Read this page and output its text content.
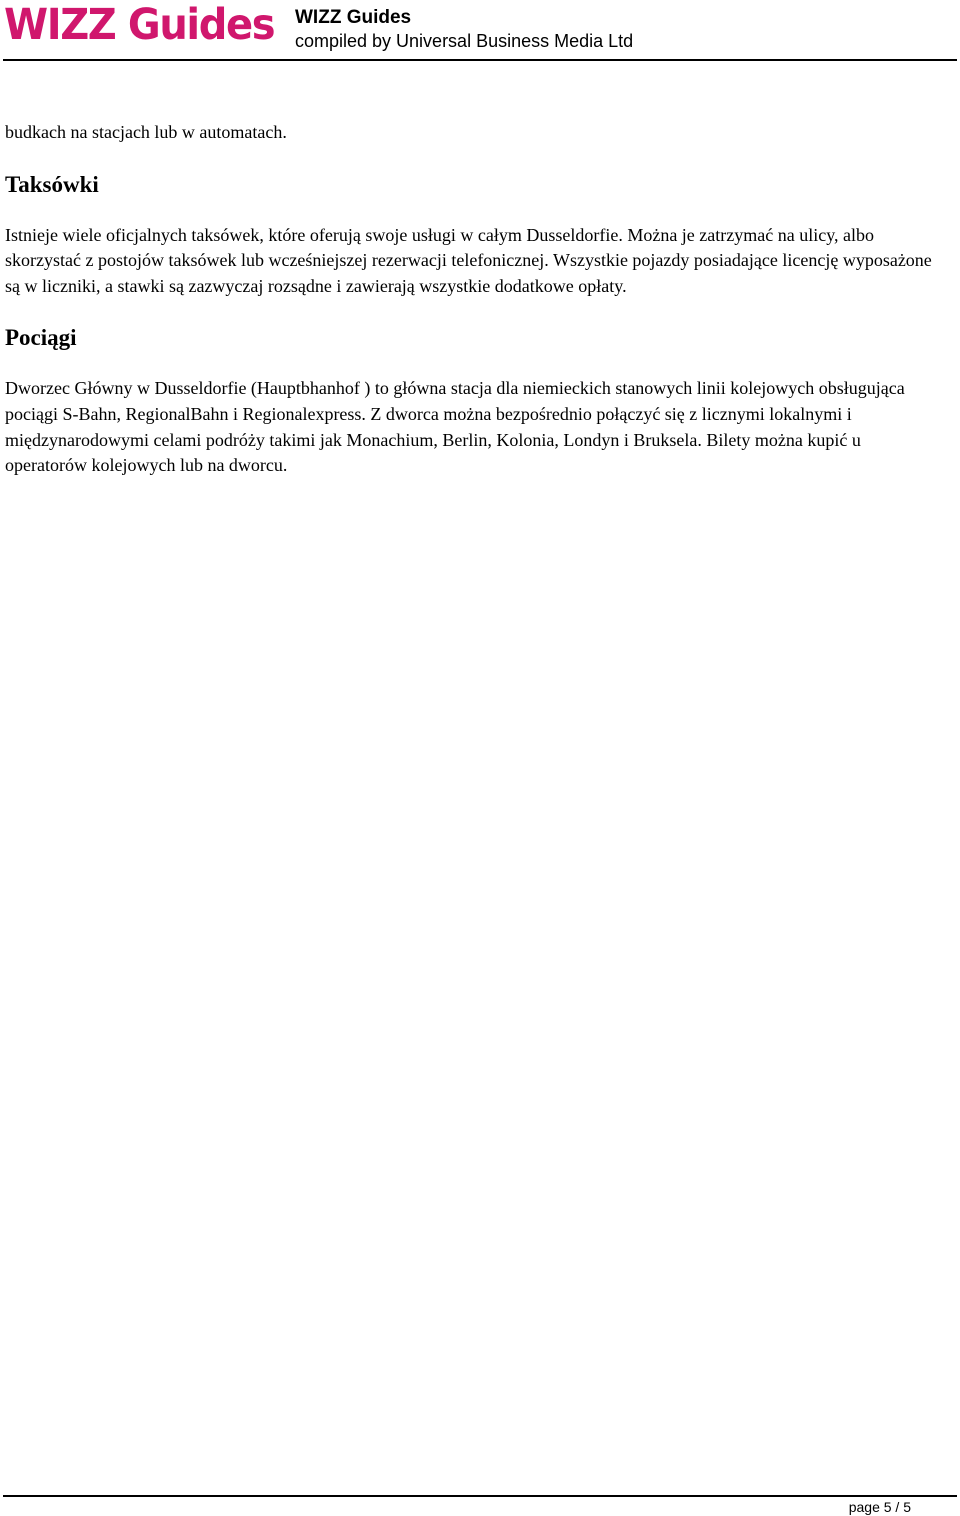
WIZZ Guides WIZZ Guides

compiled by Universal Business Media Ltd

budkach na stacjach lub w automatach.

Taksówki

Istnieje wiele oficjalnych taksówek, które oferują swoje usługi w całym Dusseldorfie. Można je zatrzymać na ulicy, albo skorzystać z postojów taksówek lub wcześniejszej rezerwacji telefonicznej. Wszystkie pojazdy posiadające licencję wyposażone są w liczniki, a stawki są zazwyczaj rozsądne i zawierają wszystkie dodatkowe opłaty.

Pociągi

Dworzec Główny w Dusseldorfie (Hauptbhanhof ) to główna stacja dla niemieckich stanowych linii kolejowych obsługująca pociągi S-Bahn, RegionalBahn i Regionalexpress. Z dworca można bezpośrednio połączyć się z licznymi lokalnymi i międzynarodowymi celami podróży takimi jak Monachium, Berlin, Kolonia, Londyn i Bruksela. Bilety można kupić u operatorów kolejowych lub na dworcu.

page 5 / 5
